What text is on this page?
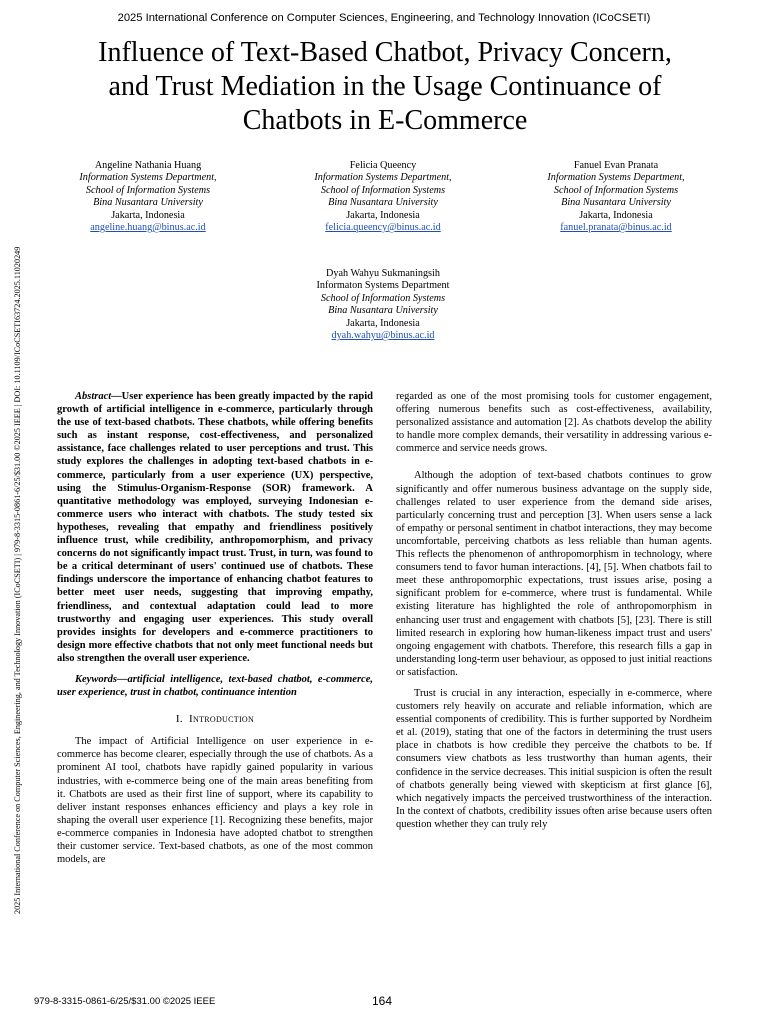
2025 International Conference on Computer Sciences, Engineering, and Technology Innovation (ICoCSETI)
2025 International Conference on Computer Sciences, Engineering, and Technology Innovation (ICoCSETI) | 979-8-3315-0861-6/25/$31.00 ©2025 IEEE | DOI: 10.1109/ICoCSETI63724.2025.11020249
Influence of Text-Based Chatbot, Privacy Concern, and Trust Mediation in the Usage Continuance of Chatbots in E-Commerce
Angeline Nathania Huang
Information Systems Department,
School of Information Systems
Bina Nusantara University
Jakarta, Indonesia
angeline.huang@binus.ac.id
Felicia Queency
Information Systems Department,
School of Information Systems
Bina Nusantara University
Jakarta, Indonesia
felicia.queency@binus.ac.id
Fanuel Evan Pranata
Information Systems Department,
School of Information Systems
Bina Nusantara University
Jakarta, Indonesia
fanuel.pranata@binus.ac.id
Dyah Wahyu Sukmaningsih
Informaton Systems Department
School of Information Systems
Bina Nusantara University
Jakarta, Indonesia
dyah.wahyu@binus.ac.id

Abstract—User experience has been greatly impacted by the rapid growth of artificial intelligence in e-commerce, particularly through the use of text-based chatbots. These chatbots, while offering benefits such as instant response, cost-effectiveness, and personalized assistance, face challenges related to user perceptions and trust. This study explores the challenges in adopting text-based chatbots in e-commerce, particularly from a user experience (UX) perspective, using the Stimulus-Organism-Response (SOR) framework. A quantitative methodology was employed, surveying Indonesian e-commerce users who interact with chatbots. The study tested six hypotheses, revealing that empathy and friendliness positively influence trust, while credibility, anthropomorphism, and privacy concerns do not significantly impact trust. Trust, in turn, was found to be a critical determinant of users' continued use of chatbots. These findings underscore the importance of enhancing chatbot features to better meet user needs, suggesting that improving empathy, friendliness, and contextual adaptation could lead to more trustworthy and engaging user experiences. This study overall provides insights for developers and e-commerce practitioners to design more effective chatbots that not only meet functional needs but also strengthen the overall user experience.

Keywords—artificial intelligence, text-based chatbot, e-commerce, user experience, trust in chatbot, continuance intention

I. Introduction

The impact of Artificial Intelligence on user experience in e-commerce has become clearer, especially through the use of chatbots. As a prominent AI tool, chatbots have rapidly gained popularity in various industries, with e-commerce being one of the main areas benefiting from it. Chatbots are used as their first line of support, where its capability to deliver instant responses enhances efficiency and plays a key role in shaping the overall user experience [1]. Recognizing these benefits, major e-commerce companies in Indonesia have adopted chatbot to strengthen their customer service. Text-based chatbots, as one of the most common models, are

regarded as one of the most promising tools for customer engagement, offering numerous benefits such as cost-effectiveness, availability, personalized assistance and automation [2]. As chatbots develop the ability to handle more complex demands, their versatility in addressing various e-commerce and service needs grows.

Although the adoption of text-based chatbots continues to grow significantly and offer numerous business advantage on the supply side, challenges related to user experience from the demand side arises, particularly concerning trust and perception [3]. When users sense a lack of empathy or personal sentiment in chatbot interactions, they may become uncomfortable, perceiving chatbots as less reliable than human agents. This reflects the phenomenon of anthropomorphism in technology, where consumers tend to favor human interactions. [4], [5]. When chatbots fail to meet these anthropomorphic expectations, trust issues arise, posing a significant problem for e-commerce, where trust is fundamental. While existing literature has highlighted the role of anthropomorphism in enhancing user trust and engagement with chatbots [5], [23]. There is still limited research in exploring how human-likeness impact trust and users' ongoing engagement with chatbots. Therefore, this research fills a gap in understanding long-term user behaviour, as opposed to just initial reactions or satisfaction.

Trust is crucial in any interaction, especially in e-commerce, where customers rely heavily on accurate and reliable information, which are essential components of credibility. This is further supported by Nordheim et al. (2019), stating that one of the factors in determining the trust users place in chatbots is how credible they perceive the chatbots to be. If consumers view chatbots as less trustworthy than human agents, their confidence in the service decreases. This initial suspicion is often the result of chatbots generally being viewed with skepticism at first glance [6], which negatively impacts the perceived trustworthiness of the interaction. In the context of chatbots, credibility issues often arise because users often question whether they can truly rely

979-8-3315-0861-6/25/$31.00 ©2025 IEEE	164
